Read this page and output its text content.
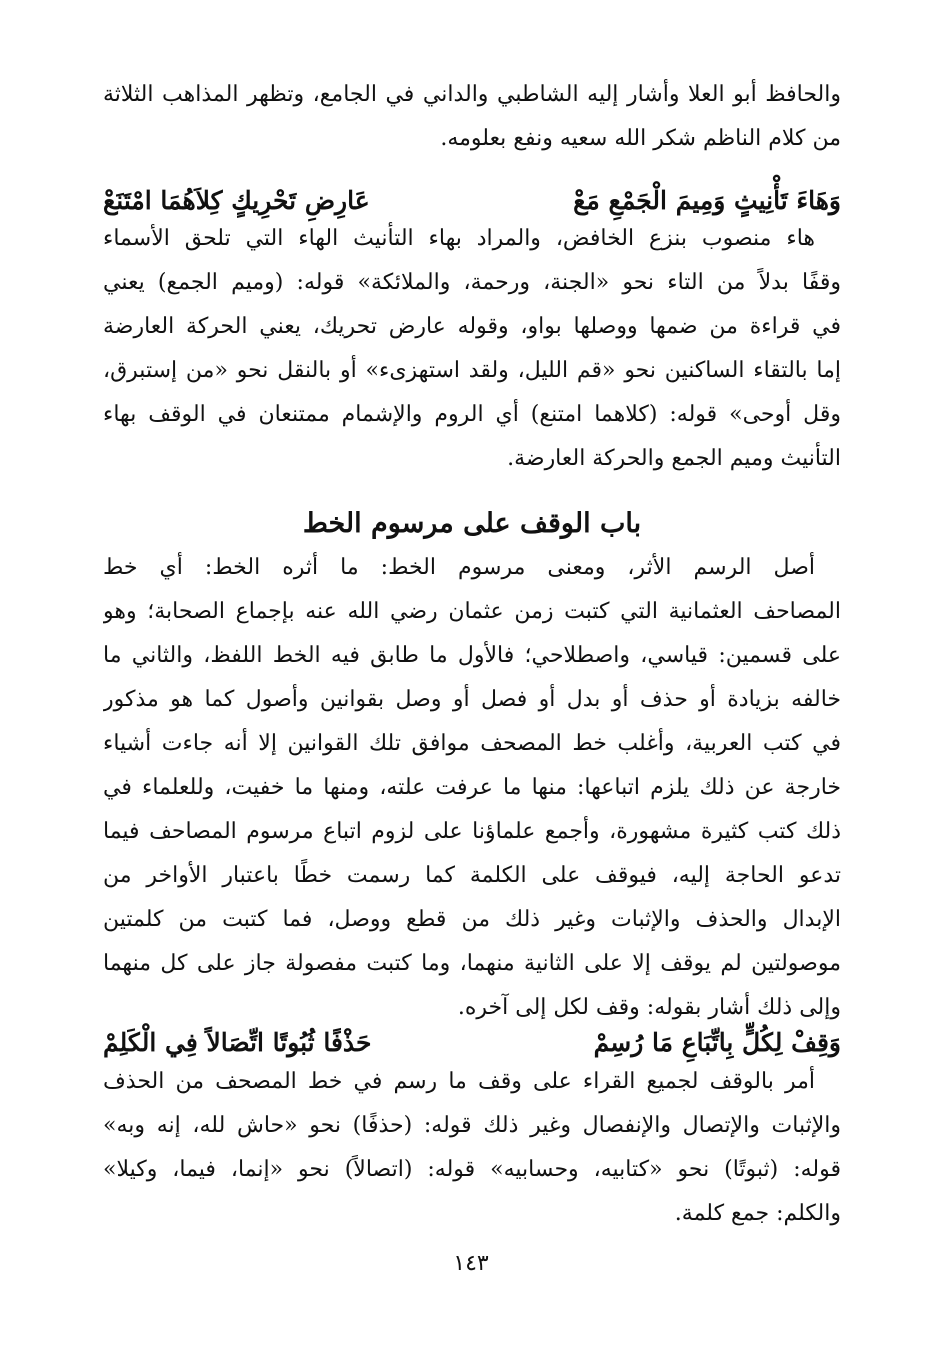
والحافظ أبو العلا وأشار إليه الشاطبي والداني في الجامع، وتظهر المذاهب الثلاثة
من كلام الناظم شكر الله سعيه ونفع بعلومه.
وَهَاءَ تَأْنِيثٍ وَمِيمَ الْجَمْعِ مَعْ
عَارِضِ تَحْرِيكٍ كِلاَهُمَا امْتَنَعْ
هاء منصوب بنزع الخافض، والمراد بهاء التأنيث الهاء التي تلحق الأسماء
وقفًا بدلاً من التاء نحو «الجنة، ورحمة، والملائكة» قوله: (وميم الجمع) يعني
في قراءة من ضمها ووصلها بواو، وقوله عارض تحريك، يعني الحركة العارضة
إما بالتقاء الساكنين نحو «قم الليل، ولقد استهزىء» أو بالنقل نحو «من إستبرق،
وقل أوحى» قوله: (كلاهما امتنع) أي الروم والإشمام ممتنعان في الوقف بهاء
التأنيث وميم الجمع والحركة العارضة.
باب الوقف على مرسوم الخط
أصل الرسم الأثر، ومعنى مرسوم الخط: ما أثره الخط: أي خط
المصاحف العثمانية التي كتبت زمن عثمان رضي الله عنه بإجماع الصحابة؛ وهو
على قسمين: قياسي، واصطلاحي؛ فالأول ما طابق فيه الخط اللفظ، والثاني ما
خالفه بزيادة أو حذف أو بدل أو فصل أو وصل بقوانين وأصول كما هو مذكور
في كتب العربية، وأغلب خط المصحف موافق تلك القوانين إلا أنه جاءت أشياء
خارجة عن ذلك يلزم اتباعها: منها ما عرفت علته، ومنها ما خفيت، وللعلماء في
ذلك كتب كثيرة مشهورة، وأجمع علماؤنا على لزوم اتباع مرسوم المصاحف فيما
تدعو الحاجة إليه، فيوقف على الكلمة كما رسمت خطًا باعتبار الأواخر من
الإبدال والحذف والإثبات وغير ذلك من قطع ووصل، فما كتبت من كلمتين
موصولتين لم يوقف إلا على الثانية منهما، وما كتبت مفصولة جاز على كل منهما
وإلى ذلك أشار بقوله: وقف لكل إلى آخره.
وَقِفْ لِكُلٍّ بِاتِّبَاعِ مَا رُسِمْ
حَذْفًا ثُبُوتًا اتِّصَالاً فِي الْكَلِمْ
أمر بالوقف لجميع القراء على وقف ما رسم في خط المصحف من الحذف
والإثبات والإتصال والإنفصال وغير ذلك قوله: (حذفًا) نحو «حاش لله، إنه وبه»
قوله: (ثبوتًا) نحو «كتابيه، وحسابيه» قوله: (اتصالاً) نحو «إنما، فيما، وكيلا»
والكلم: جمع كلمة.
١٤٣
